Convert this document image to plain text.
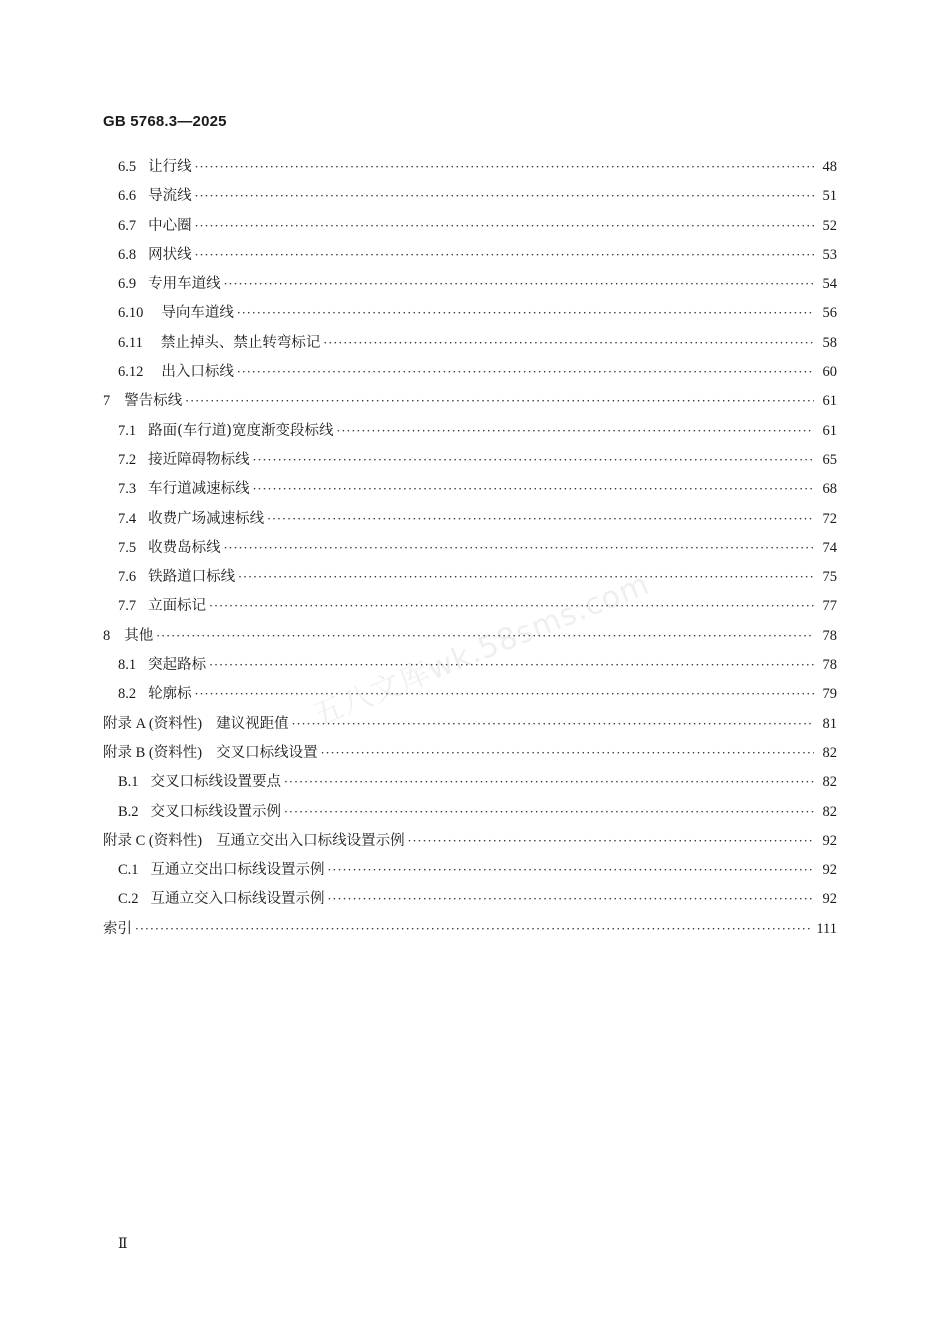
GB 5768.3—2025
五八文库wk.58sms.com
6.5 让行线 ·····	48
6.6 导流线 ·····	51
6.7 中心圈 ·····	52
6.8 网状线 ·····	53
6.9 专用车道线 ·····	54
6.10 导向车道线 ·····	56
6.11 禁止掉头、禁止转弯标记 ·····	58
6.12 出入口标线 ·····	60
7 警告标线 ·····	61
7.1 路面(车行道)宽度渐变段标线 ·····	61
7.2 接近障碍物标线 ·····	65
7.3 车行道减速标线 ·····	68
7.4 收费广场减速标线 ·····	72
7.5 收费岛标线 ·····	74
7.6 铁路道口标线 ·····	75
7.7 立面标记 ·····	77
8 其他 ·····	78
8.1 突起路标 ·····	78
8.2 轮廓标 ·····	79
附录 A (资料性) 建议视距值 ·····	81
附录 B (资料性) 交叉口标线设置 ·····	82
B.1 交叉口标线设置要点 ·····	82
B.2 交叉口标线设置示例 ·····	82
附录 C (资料性) 互通立交出入口标线设置示例 ·····	92
C.1 互通立交出口标线设置示例 ·····	92
C.2 互通立交入口标线设置示例 ·····	92
索引 ·····	111
Ⅱ
